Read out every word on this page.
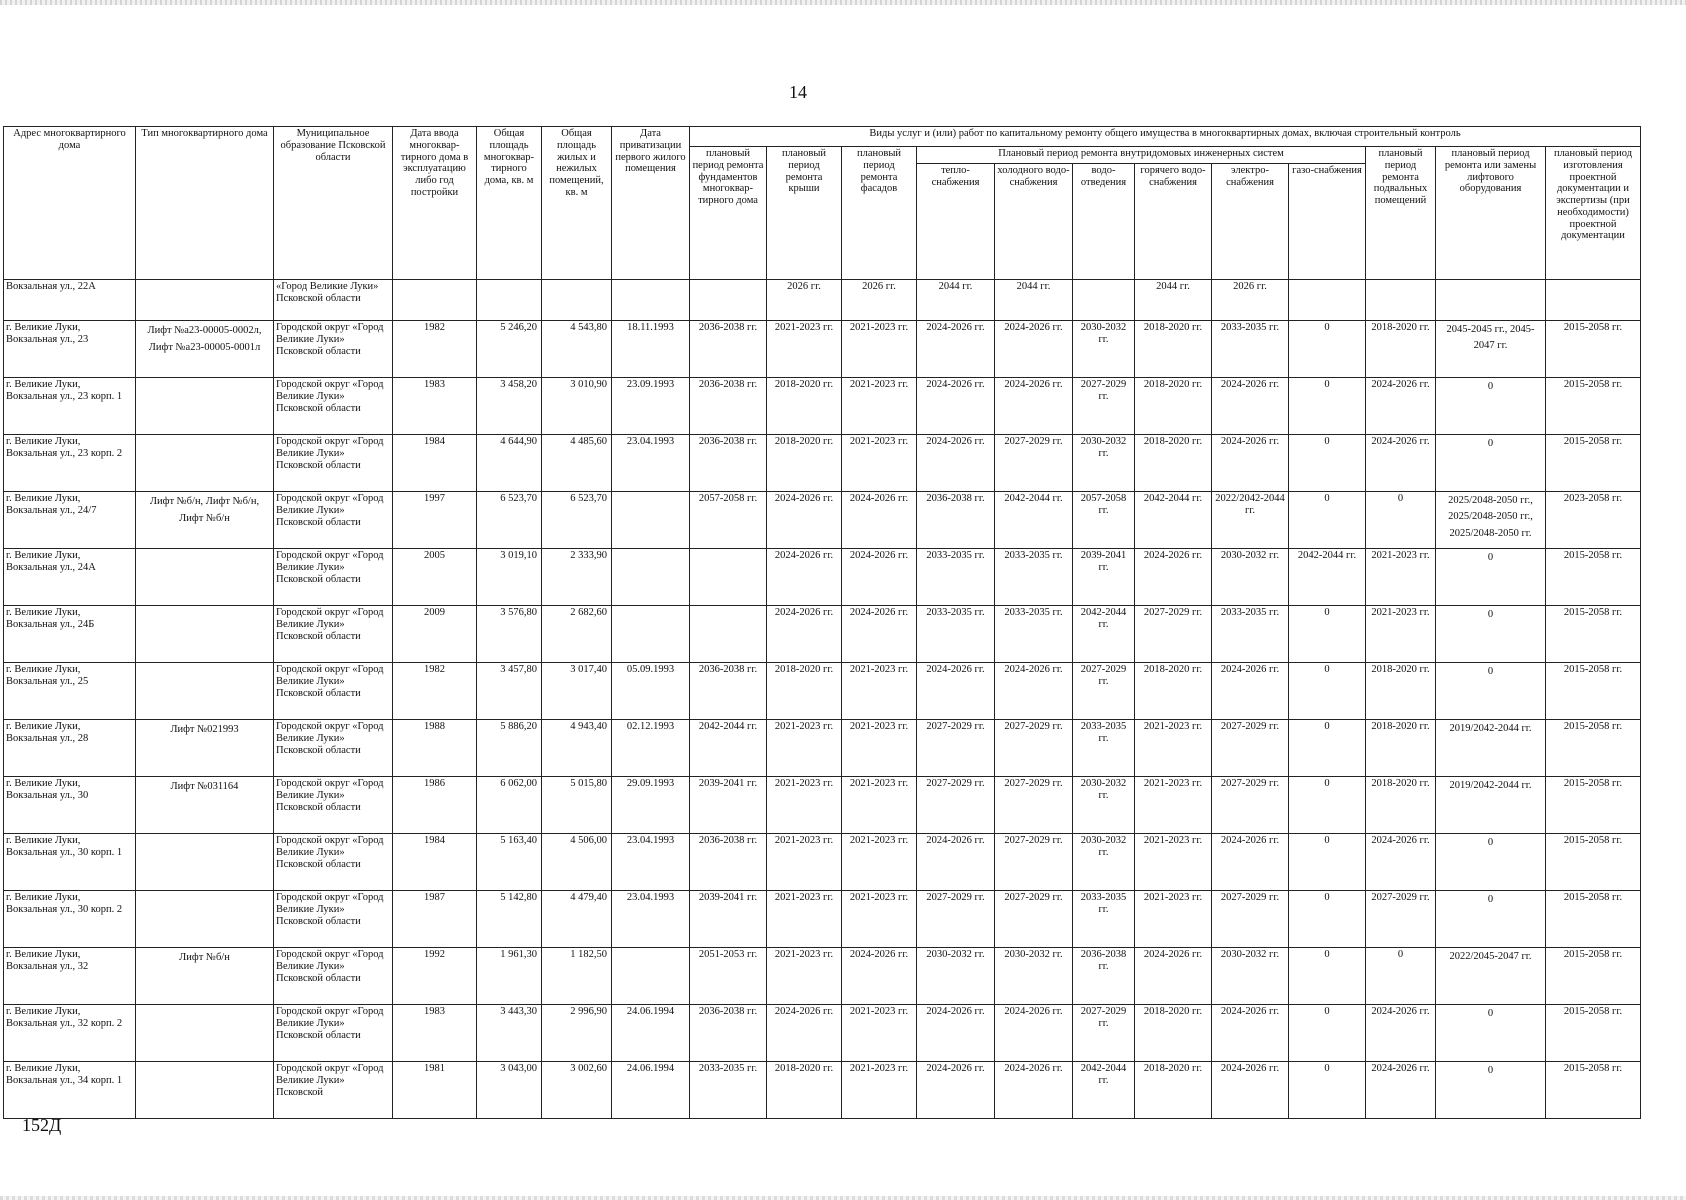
14
Адрес многоквартирного дома	Тип многоквартирного дома	Муниципальное образование Псковской области	Дата ввода многоквар-тирного дома в эксплуатацию либо год постройки	Общая площадь многоквар-тирного дома, кв. м	Общая площадь жилых и нежилых помещений, кв. м	Дата приватизации первого жилого помещения	Виды услуг и (или) работ по капитальному ремонту общего имущества в многоквартирных домах, включая строительный контроль											
							плановый период ремонта фундаментов многоквар-тирного дома	плановый период ремонта крыши	плановый период ремонта фасадов	Плановый период ремонта внутридомовых инженерных систем						плановый период ремонта подвальных помещений	плановый период ремонта или замены лифтового оборудования	плановый период изготовления проектной документации и экспертизы (при необходимости) проектной документации
										тепло-снабжения	холодного водо-снабжения	водо-отведения	горячего водо-снабжения	электро-снабжения	газо-снабжения			
Вокзальная ул., 22А		«Город Великие Луки» Псковской области						2026 гг.	2026 гг.	2044 гг.	2044 гг.		2044 гг.	2026 гг.				
г. Великие Луки, Вокзальная ул., 23	Лифт №а23-00005-0002л, Лифт №а23-00005-0001л	Городской округ «Город Великие Луки» Псковской области	1982	5 246,20	4 543,80	18.11.1993	2036-2038 гг.	2021-2023 гг.	2021-2023 гг.	2024-2026 гг.	2024-2026 гг.	2030-2032 гг.	2018-2020 гг.	2033-2035 гг.	0	2018-2020 гг.	2045-2045 гг., 2045-2047 гг.	2015-2058 гг.
г. Великие Луки, Вокзальная ул., 23 корп. 1		Городской округ «Город Великие Луки» Псковской области	1983	3 458,20	3 010,90	23.09.1993	2036-2038 гг.	2018-2020 гг.	2021-2023 гг.	2024-2026 гг.	2024-2026 гг.	2027-2029 гг.	2018-2020 гг.	2024-2026 гг.	0	2024-2026 гг.	0	2015-2058 гг.
г. Великие Луки, Вокзальная ул., 23 корп. 2		Городской округ «Город Великие Луки» Псковской области	1984	4 644,90	4 485,60	23.04.1993	2036-2038 гг.	2018-2020 гг.	2021-2023 гг.	2024-2026 гг.	2027-2029 гг.	2030-2032 гг.	2018-2020 гг.	2024-2026 гг.	0	2024-2026 гг.	0	2015-2058 гг.
г. Великие Луки, Вокзальная ул., 24/7	Лифт №б/н, Лифт №б/н, Лифт №б/н	Городской округ «Город Великие Луки» Псковской области	1997	6 523,70	6 523,70		2057-2058 гг.	2024-2026 гг.	2024-2026 гг.	2036-2038 гг.	2042-2044 гг.	2057-2058 гг.	2042-2044 гг.	2022/2042-2044 гг.	0	0	2025/2048-2050 гг., 2025/2048-2050 гг., 2025/2048-2050 гг.	2023-2058 гг.
г. Великие Луки, Вокзальная ул., 24А		Городской округ «Город Великие Луки» Псковской области	2005	3 019,10	2 333,90			2024-2026 гг.	2024-2026 гг.	2033-2035 гг.	2033-2035 гг.	2039-2041 гг.	2024-2026 гг.	2030-2032 гг.	2042-2044 гг.	2021-2023 гг.	0	2015-2058 гг.
г. Великие Луки, Вокзальная ул., 24Б		Городской округ «Город Великие Луки» Псковской области	2009	3 576,80	2 682,60			2024-2026 гг.	2024-2026 гг.	2033-2035 гг.	2033-2035 гг.	2042-2044 гг.	2027-2029 гг.	2033-2035 гг.	0	2021-2023 гг.	0	2015-2058 гг.
г. Великие Луки, Вокзальная ул., 25		Городской округ «Город Великие Луки» Псковской области	1982	3 457,80	3 017,40	05.09.1993	2036-2038 гг.	2018-2020 гг.	2021-2023 гг.	2024-2026 гг.	2024-2026 гг.	2027-2029 гг.	2018-2020 гг.	2024-2026 гг.	0	2018-2020 гг.	0	2015-2058 гг.
г. Великие Луки, Вокзальная ул., 28	Лифт №021993	Городской округ «Город Великие Луки» Псковской области	1988	5 886,20	4 943,40	02.12.1993	2042-2044 гг.	2021-2023 гг.	2021-2023 гг.	2027-2029 гг.	2027-2029 гг.	2033-2035 гг.	2021-2023 гг.	2027-2029 гг.	0	2018-2020 гг.	2019/2042-2044 гг.	2015-2058 гг.
г. Великие Луки, Вокзальная ул., 30	Лифт №031164	Городской округ «Город Великие Луки» Псковской области	1986	6 062,00	5 015,80	29.09.1993	2039-2041 гг.	2021-2023 гг.	2021-2023 гг.	2027-2029 гг.	2027-2029 гг.	2030-2032 гг.	2021-2023 гг.	2027-2029 гг.	0	2018-2020 гг.	2019/2042-2044 гг.	2015-2058 гг.
г. Великие Луки, Вокзальная ул., 30 корп. 1		Городской округ «Город Великие Луки» Псковской области	1984	5 163,40	4 506,00	23.04.1993	2036-2038 гг.	2021-2023 гг.	2021-2023 гг.	2024-2026 гг.	2027-2029 гг.	2030-2032 гг.	2021-2023 гг.	2024-2026 гг.	0	2024-2026 гг.	0	2015-2058 гг.
г. Великие Луки, Вокзальная ул., 30 корп. 2		Городской округ «Город Великие Луки» Псковской области	1987	5 142,80	4 479,40	23.04.1993	2039-2041 гг.	2021-2023 гг.	2021-2023 гг.	2027-2029 гг.	2027-2029 гг.	2033-2035 гг.	2021-2023 гг.	2027-2029 гг.	0	2027-2029 гг.	0	2015-2058 гг.
г. Великие Луки, Вокзальная ул., 32	Лифт №б/н	Городской округ «Город Великие Луки» Псковской области	1992	1 961,30	1 182,50		2051-2053 гг.	2021-2023 гг.	2024-2026 гг.	2030-2032 гг.	2030-2032 гг.	2036-2038 гг.	2024-2026 гг.	2030-2032 гг.	0	0	2022/2045-2047 гг.	2015-2058 гг.
г. Великие Луки, Вокзальная ул., 32 корп. 2		Городской округ «Город Великие Луки» Псковской области	1983	3 443,30	2 996,90	24.06.1994	2036-2038 гг.	2024-2026 гг.	2021-2023 гг.	2024-2026 гг.	2024-2026 гг.	2027-2029 гг.	2018-2020 гг.	2024-2026 гг.	0	2024-2026 гг.	0	2015-2058 гг.
г. Великие Луки, Вокзальная ул., 34 корп. 1		Городской округ «Город Великие Луки» Псковской	1981	3 043,00	3 002,60	24.06.1994	2033-2035 гг.	2018-2020 гг.	2021-2023 гг.	2024-2026 гг.	2024-2026 гг.	2042-2044 гг.	2018-2020 гг.	2024-2026 гг.	0	2024-2026 гг.	0	2015-2058 гг.
152Д
